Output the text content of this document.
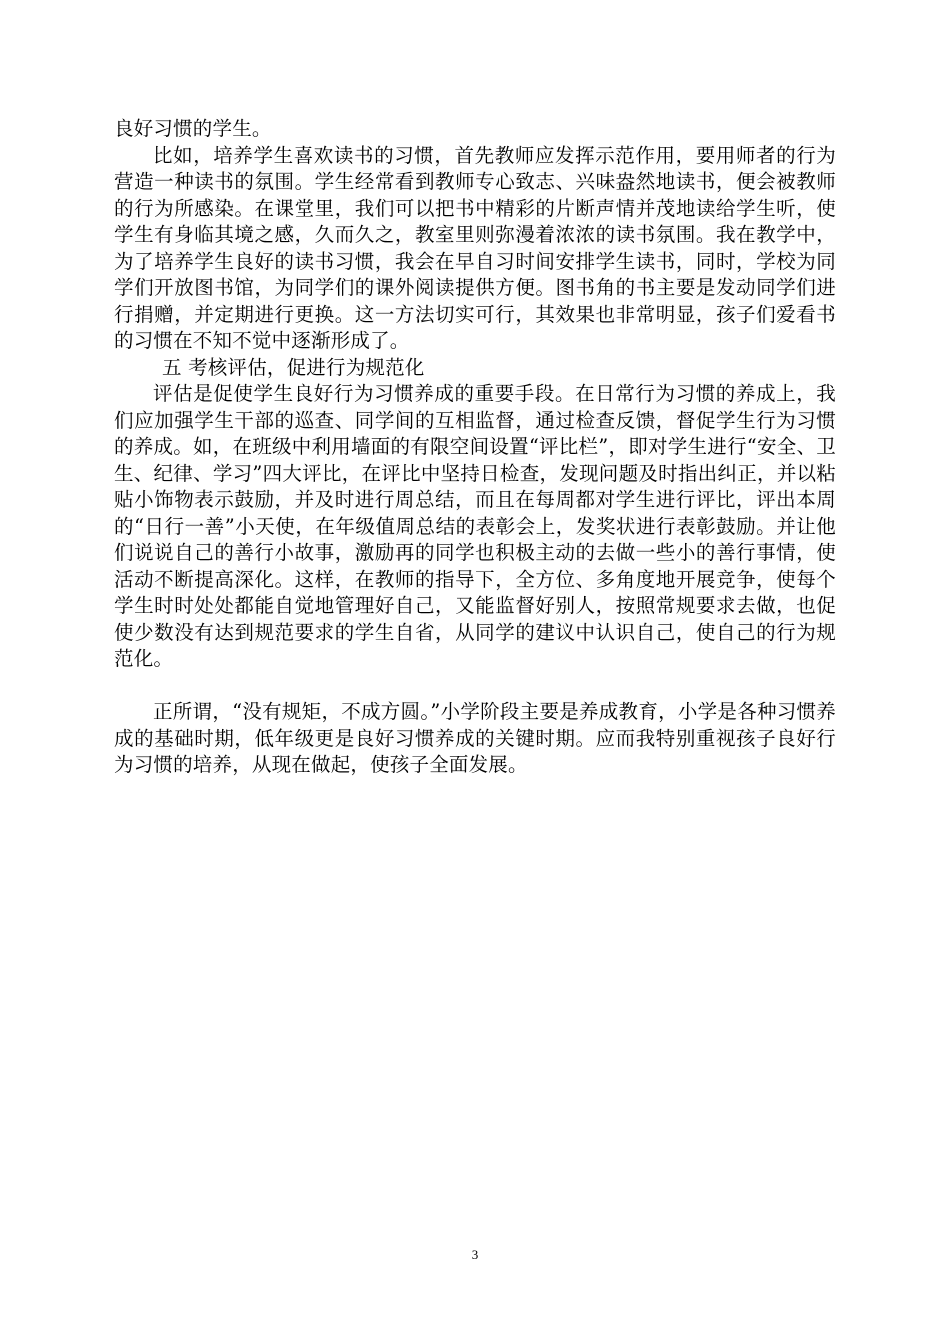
良好习惯的学生。

比如，培养学生喜欢读书的习惯，首先教师应发挥示范作用，要用师者的行为营造一种读书的氛围。学生经常看到教师专心致志、兴味盎然地读书，便会被教师的行为所感染。在课堂里，我们可以把书中精彩的片断声情并茂地读给学生听，使学生有身临其境之感，久而久之，教室里则弥漫着浓浓的读书氛围。我在教学中，为了培养学生良好的读书习惯，我会在早自习时间安排学生读书，同时，学校为同学们开放图书馆，为同学们的课外阅读提供方便。图书角的书主要是发动同学们进行捐赠，并定期进行更换。这一方法切实可行，其效果也非常明显，孩子们爱看书的习惯在不知不觉中逐渐形成了。

五 考核评估，促进行为规范化

评估是促使学生良好行为习惯养成的重要手段。在日常行为习惯的养成上，我们应加强学生干部的巡查、同学间的互相监督，通过检查反馈，督促学生行为习惯的养成。如，在班级中利用墙面的有限空间设置“评比栏”，即对学生进行“安全、卫生、纪律、学习”四大评比，在评比中坚持日检查，发现问题及时指出纠正，并以粘贴小饰物表示鼓励，并及时进行周总结，而且在每周都对学生进行评比，评出本周的“日行一善”小天使，在年级值周总结的表彰会上，发奖状进行表彰鼓励。并让他们说说自己的善行小故事，激励再的同学也积极主动的去做一些小的善行事情，使活动不断提高深化。这样，在教师的指导下，全方位、多角度地开展竞争，使每个学生时时处处都能自觉地管理好自己，又能监督好别人，按照常规要求去做，也促使少数没有达到规范要求的学生自省，从同学的建议中认识自己，使自己的行为规范化。

正所谓，“没有规矩，不成方圆。”小学阶段主要是养成教育，小学是各种习惯养成的基础时期，低年级更是良好习惯养成的关键时期。应而我特别重视孩子良好行为习惯的培养，从现在做起，使孩子全面发展。

3
